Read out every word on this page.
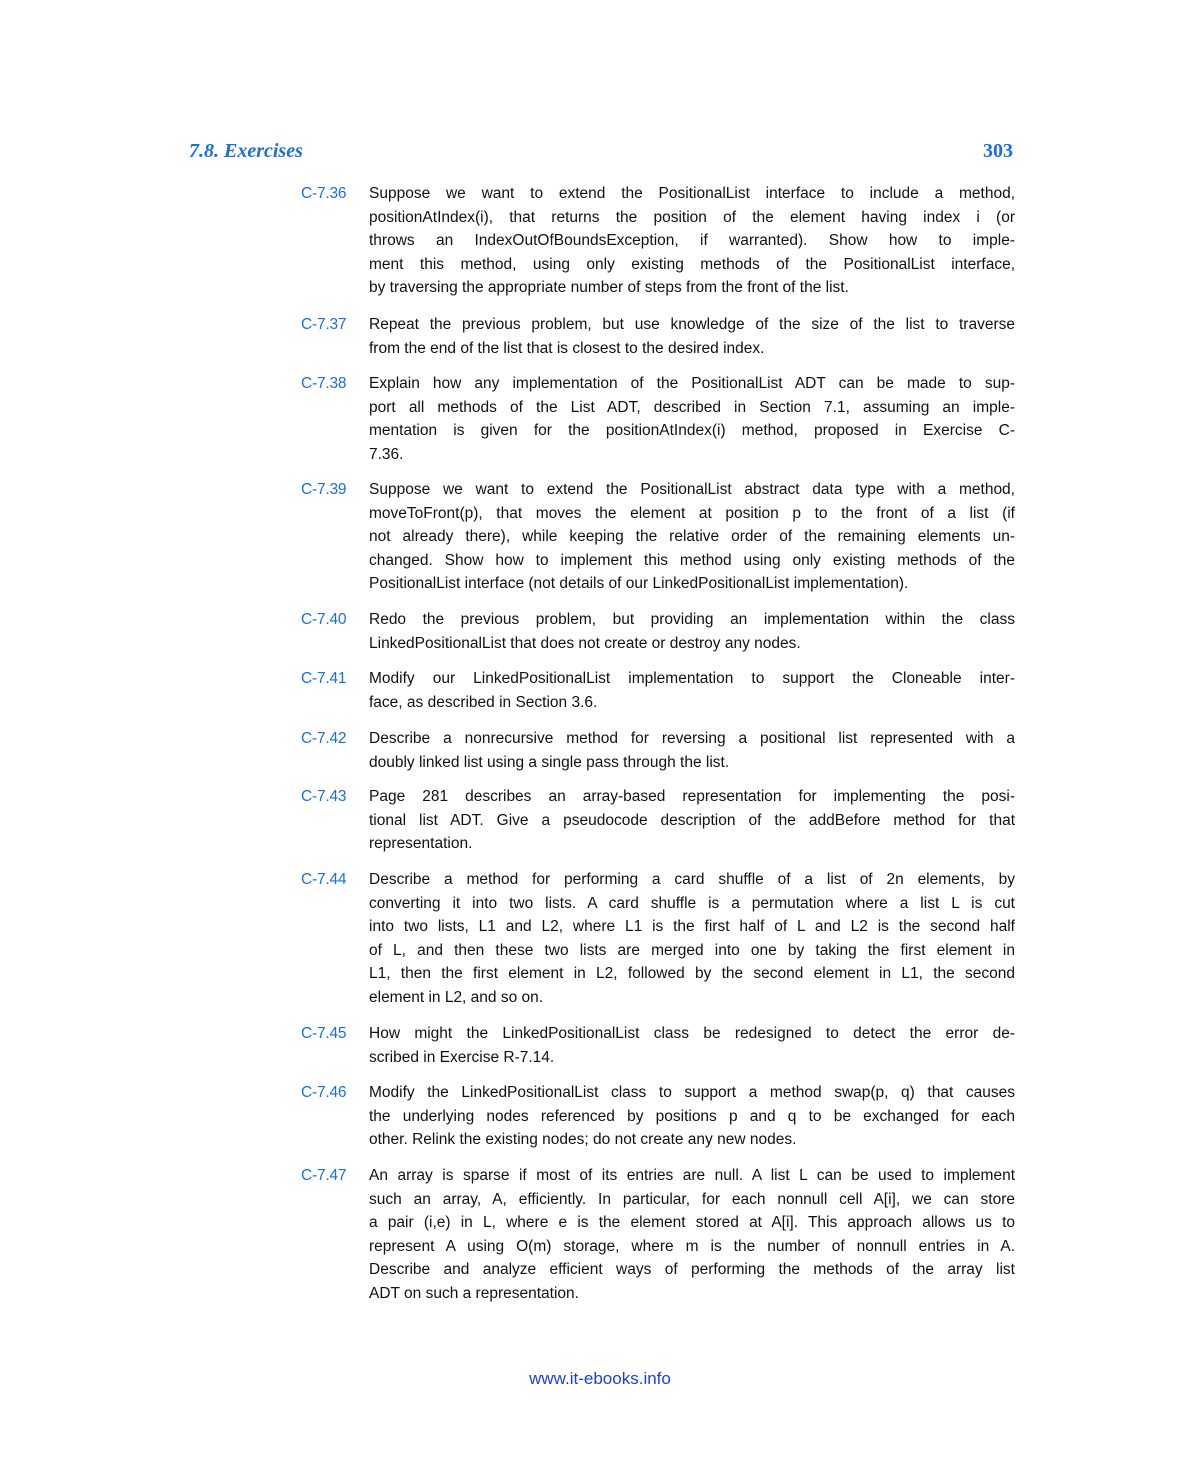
7.8. Exercises	303
C-7.36	Suppose we want to extend the PositionalList interface to include a method,
positionAtIndex(i), that returns the position of the element having index i (or
throws an IndexOutOfBoundsException, if warranted). Show how to imple-
ment this method, using only existing methods of the PositionalList interface,
by traversing the appropriate number of steps from the front of the list.
C-7.37	Repeat the previous problem, but use knowledge of the size of the list to traverse
from the end of the list that is closest to the desired index.
C-7.38	Explain how any implementation of the PositionalList ADT can be made to sup-
port all methods of the List ADT, described in Section 7.1, assuming an imple-
mentation is given for the positionAtIndex(i) method, proposed in Exercise C-
7.36.
C-7.39	Suppose we want to extend the PositionalList abstract data type with a method,
moveToFront(p), that moves the element at position p to the front of a list (if
not already there), while keeping the relative order of the remaining elements un-
changed. Show how to implement this method using only existing methods of the
PositionalList interface (not details of our LinkedPositionalList implementation).
C-7.40	Redo the previous problem, but providing an implementation within the class
LinkedPositionalList that does not create or destroy any nodes.
C-7.41	Modify our LinkedPositionalList implementation to support the Cloneable inter-
face, as described in Section 3.6.
C-7.42	Describe a nonrecursive method for reversing a positional list represented with a
doubly linked list using a single pass through the list.
C-7.43	Page 281 describes an array-based representation for implementing the posi-
tional list ADT. Give a pseudocode description of the addBefore method for that
representation.
C-7.44	Describe a method for performing a card shuffle of a list of 2n elements, by
converting it into two lists. A card shuffle is a permutation where a list L is cut
into two lists, L1 and L2, where L1 is the first half of L and L2 is the second half
of L, and then these two lists are merged into one by taking the first element in
L1, then the first element in L2, followed by the second element in L1, the second
element in L2, and so on.
C-7.45	How might the LinkedPositionalList class be redesigned to detect the error de-
scribed in Exercise R-7.14.
C-7.46	Modify the LinkedPositionalList class to support a method swap(p, q) that causes
the underlying nodes referenced by positions p and q to be exchanged for each
other. Relink the existing nodes; do not create any new nodes.
C-7.47	An array is sparse if most of its entries are null. A list L can be used to implement
such an array, A, efficiently. In particular, for each nonnull cell A[i], we can store
a pair (i,e) in L, where e is the element stored at A[i]. This approach allows us to
represent A using O(m) storage, where m is the number of nonnull entries in A.
Describe and analyze efficient ways of performing the methods of the array list
ADT on such a representation.
www.it-ebooks.info
